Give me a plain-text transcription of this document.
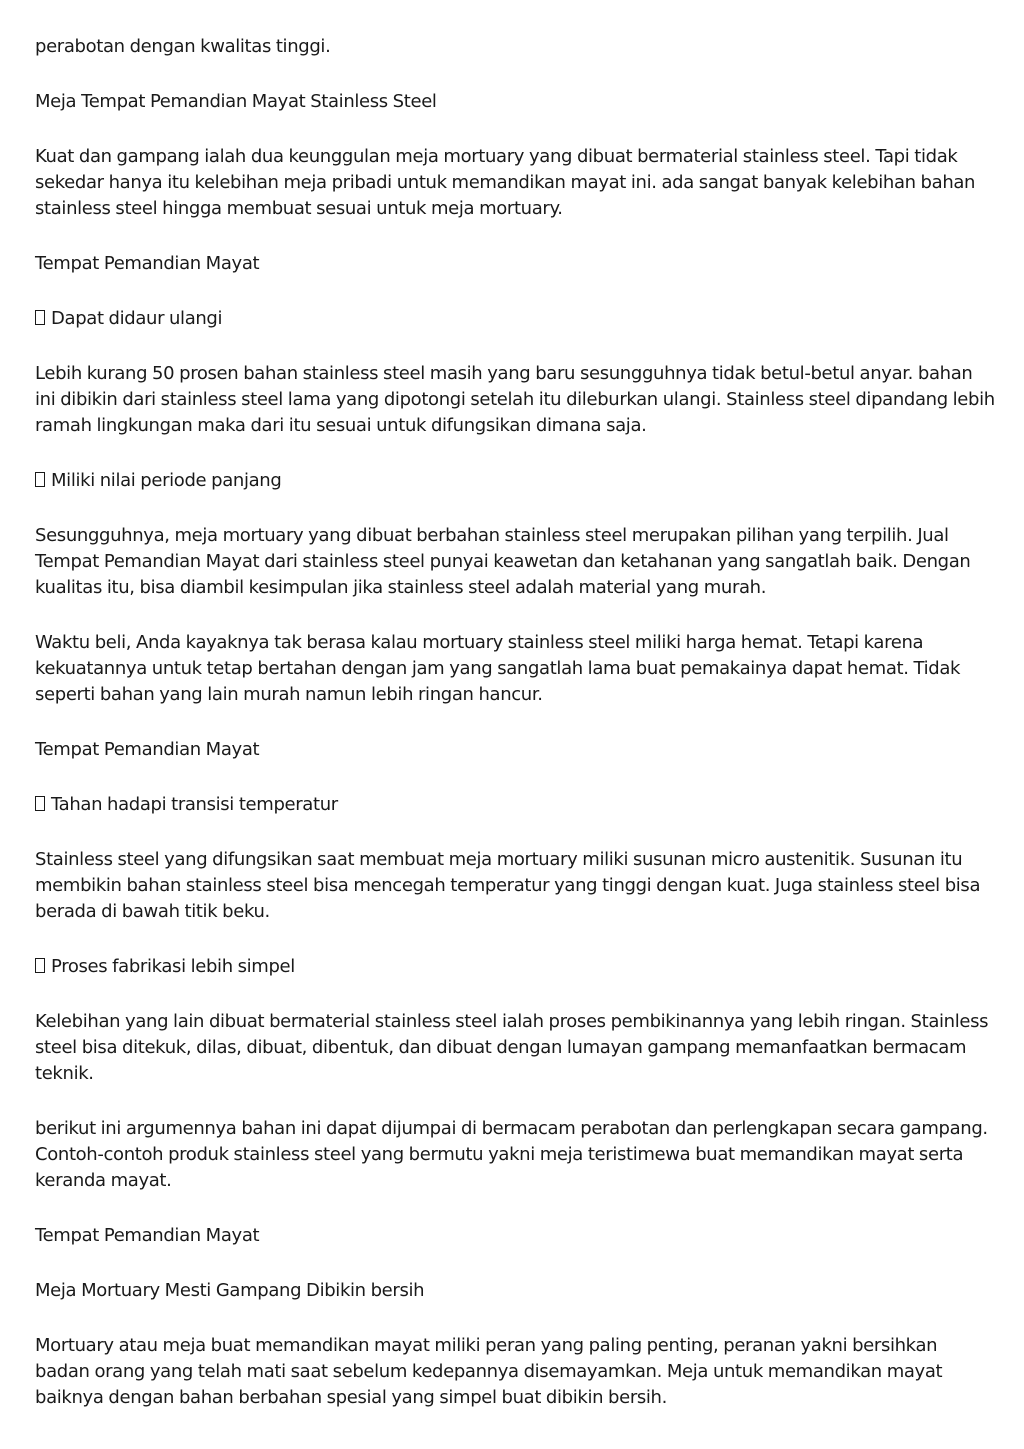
perabotan dengan kwalitas tinggi.

Meja Tempat Pemandian Mayat Stainless Steel

Kuat dan gampang ialah dua keunggulan meja mortuary yang dibuat bermaterial stainless steel. Tapi tidak sekedar hanya itu kelebihan meja pribadi untuk memandikan mayat ini. ada sangat banyak kelebihan bahan stainless steel hingga membuat sesuai untuk meja mortuary.

Tempat Pemandian Mayat

Dapat didaur ulangi

Lebih kurang 50 prosen bahan stainless steel masih yang baru sesungguhnya tidak betul-betul anyar. bahan ini dibikin dari stainless steel lama yang dipotongi setelah itu dileburkan ulangi. Stainless steel dipandang lebih ramah lingkungan maka dari itu sesuai untuk difungsikan dimana saja.

Miliki nilai periode panjang

Sesungguhnya, meja mortuary yang dibuat berbahan stainless steel merupakan pilihan yang terpilih. Jual Tempat Pemandian Mayat dari stainless steel punyai keawetan dan ketahanan yang sangatlah baik. Dengan kualitas itu, bisa diambil kesimpulan jika stainless steel adalah material yang murah.

Waktu beli, Anda kayaknya tak berasa kalau mortuary stainless steel miliki harga hemat. Tetapi karena kekuatannya untuk tetap bertahan dengan jam yang sangatlah lama buat pemakainya dapat hemat. Tidak seperti bahan yang lain murah namun lebih ringan hancur.

Tempat Pemandian Mayat

Tahan hadapi transisi temperatur

Stainless steel yang difungsikan saat membuat meja mortuary miliki susunan micro austenitik. Susunan itu membikin bahan stainless steel bisa mencegah temperatur yang tinggi dengan kuat. Juga stainless steel bisa berada di bawah titik beku.

Proses fabrikasi lebih simpel

Kelebihan yang lain dibuat bermaterial stainless steel ialah proses pembikinannya yang lebih ringan. Stainless steel bisa ditekuk, dilas, dibuat, dibentuk, dan dibuat dengan lumayan gampang memanfaatkan bermacam teknik.

berikut ini argumennya bahan ini dapat dijumpai di bermacam perabotan dan perlengkapan secara gampang. Contoh-contoh produk stainless steel yang bermutu yakni meja teristimewa buat memandikan mayat serta keranda mayat.

Tempat Pemandian Mayat

Meja Mortuary Mesti Gampang Dibikin bersih

Mortuary atau meja buat memandikan mayat miliki peran yang paling penting, peranan yakni bersihkan badan orang yang telah mati saat sebelum kedepannya disemayamkan. Meja untuk memandikan mayat baiknya dengan bahan berbahan spesial yang simpel buat dibikin bersih.
